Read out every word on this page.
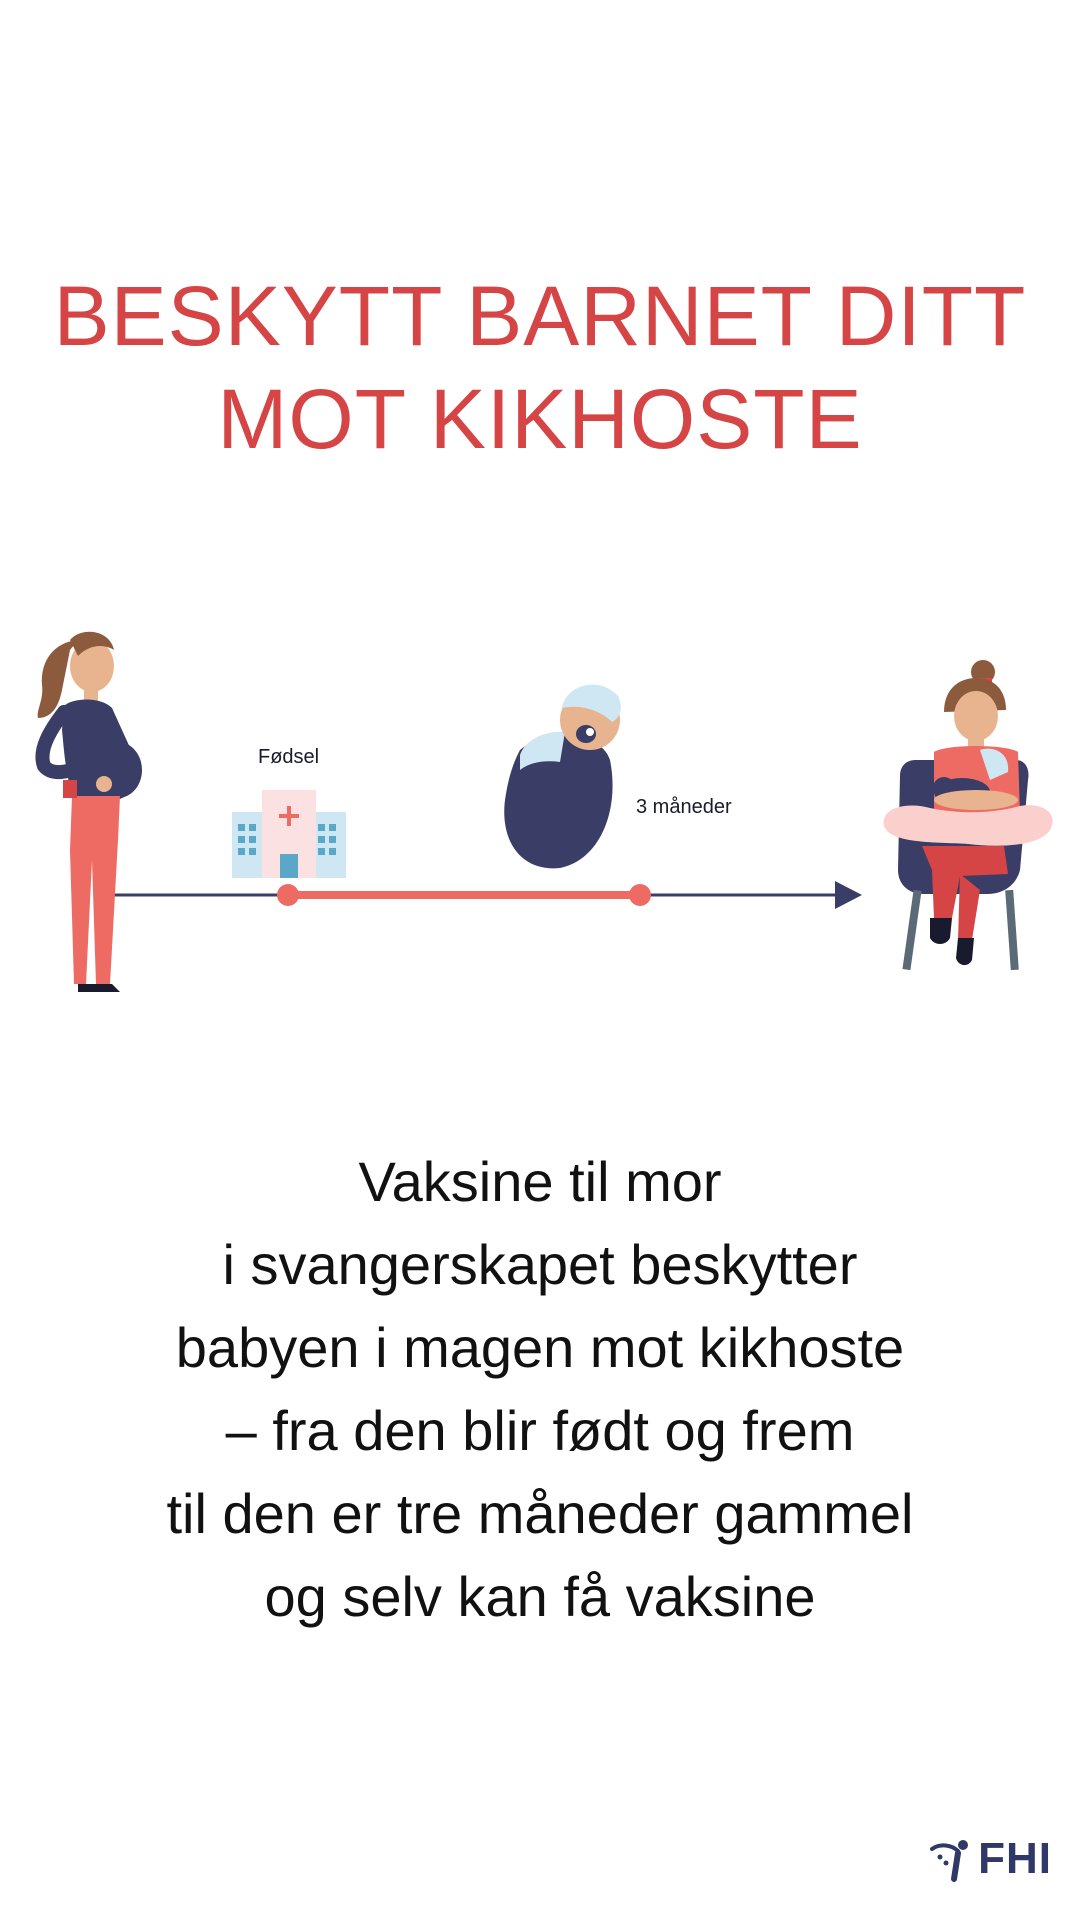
BESKYTT BARNET DITT
MOT KIKHOSTE
Fødsel
3 måneder
Vaksine til mor
i svangerskapet beskytter
babyen i magen mot kikhoste
– fra den blir født og frem
til den er tre måneder gammel
og selv kan få vaksine
FHI
